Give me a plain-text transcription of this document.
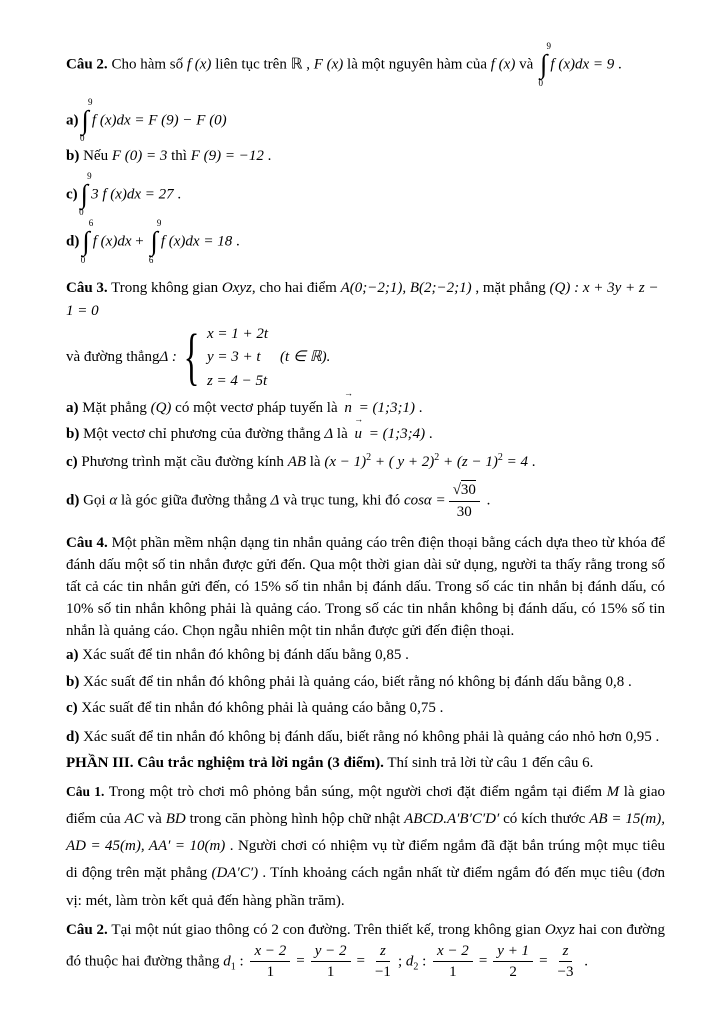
Câu 2. Cho hàm số f (x) liên tục trên ℝ , F (x) là một nguyên hàm của f (x) và
9
∫
0
f (x)dx = 9 .

a)
9
∫
0
f (x)dx = F (9) − F (0)

b) Nếu F (0) = 3 thì F (9) = −12 .

c)
9
∫
0
3 f (x)dx = 27 .

d)
6
∫
0
f (x)dx +
9
∫
6
f (x)dx = 18 .

Câu 3. Trong không gian Oxyz, cho hai điểm A(0;−2;1), B(2;−2;1) , mặt phẳng (Q) : x + 3y + z − 1 = 0

và đường thẳng Δ : { x = 1 + 2t
y = 3 + t
z = 4 − 5t
(t ∈ ℝ).

a) Mặt phẳng (Q) có một vectơ pháp tuyến là
→
n = (1;3;1) .

b) Một vectơ chỉ phương của đường thẳng Δ là
→
u = (1;3;4) .

c) Phương trình mặt cầu đường kính AB là $(x - 1)^2$ + ( $y + 2)^2 + (z - 1)^2 = 4$ .

d) Gọi α là góc giữa đường thẳng Δ và trục tung, khi đó $\cos\alpha = \frac{√30}{30}$ .

Câu 4. Một phần mềm nhận dạng tin nhắn quảng cáo trên điện thoại bằng cách dựa theo từ khóa để đánh dấu một số tin nhắn được gửi đến. Qua một thời gian dài sử dụng, người ta thấy rằng trong số tất cả các tin nhắn gửi đến, có 15% số tin nhắn bị đánh dấu. Trong số các tin nhắn bị đánh dấu, có 10% số tin nhắn không phải là quảng cáo. Trong số các tin nhắn không bị đánh dấu, có 15% số tin nhắn là quảng cáo. Chọn ngẫu nhiên một tin nhắn được gửi đến điện thoại.

a) Xác suất để tin nhắn đó không bị đánh dấu bằng 0,85 .

b) Xác suất để tin nhắn đó không phải là quảng cáo, biết rằng nó không bị đánh dấu bằng 0,8 .

c) Xác suất để tin nhắn đó không phải là quảng cáo bằng 0,75 .

d) Xác suất để tin nhắn đó không bị đánh dấu, biết rằng nó không phải là quảng cáo nhỏ hơn 0,95 .

PHẦN III. Câu trắc nghiệm trả lời ngắn (3 điểm). Thí sinh trả lời từ câu 1 đến câu 6.

Câu 1. Trong một trò chơi mô phỏng bắn súng, một người chơi đặt điểm ngắm tại điểm M là giao điểm của AC và BD trong căn phòng hình hộp chữ nhật ABCD.A′B′C′D′ có kích thước AB = 15(m), AD = 45(m), AA′ = 10(m) . Người chơi có nhiệm vụ từ điểm ngắm đã đặt bắn trúng một mục tiêu di động trên mặt phẳng (DA′C′) . Tính khoảng cách ngắn nhất từ điểm ngắm đó đến mục tiêu (đơn vị: mét, làm tròn kết quả đến hàng phần trăm).

Câu 2. Tại một nút giao thông có 2 con đường. Trên thiết kế, trong không gian Oxyz hai con đường đó thuộc hai đường thẳng $d_1$ : $\frac{x - 2}{1} = \frac{y - 2}{1} = \frac{z}{-1}$ ; $d_2$ : $\frac{x - 2}{1} = \frac{y + 1}{2} = \frac{z}{-3}$ .
